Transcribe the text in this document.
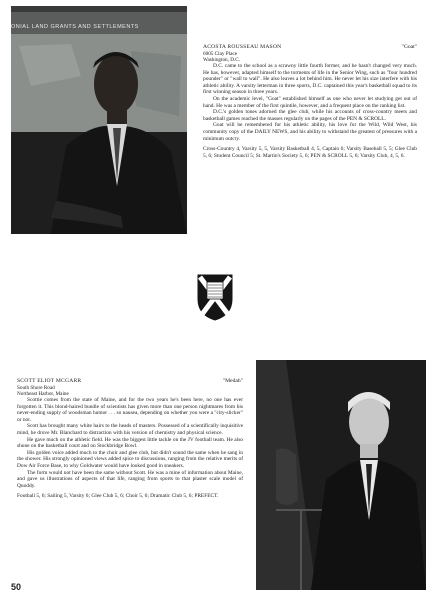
ONIAL LAND GRANTS AND SETTLEMENTS
ACOSTA ROUSSEAU MASON	"Goat"
6005 Clay Place
Washington, D.C.

D.C. came to the school as a scrawny little fourth former, and he hasn't changed very much. He has, however, adapted himself to the torments of life in the Senior Wing, such as "four hundred pounder" or "wall to wall". He also leaves a lot behind him. He never let his size interfere with his athletic ability. A varsity letterman in three sports, D.C. captained this year's basketball squad to its first winning season in three years.

On the academic level, "Goat" established himself as one who never let studying get out of hand. He was a member of the first quintile, however, and a frequent place on the ranking list.

D.C.'s golden tones adorned the glee club, while his accounts of cross-country meets and basketball games reached the masses regularly on the pages of the PEN & SCROLL.

Goat will be remembered for his athletic ability, his love for the Wild, Wild West, his community copy of the DAILY NEWS, and his ability to withstand the greatest of pressures with a minimum outcry.

Cross-Country 4, Varsity 5, 5, Varsity Basketball 4, 5, Captain 6; Varsity Baseball 5, 5; Glee Club 5, 6; Student Council 5; St. Martin's Society 5, 6; PEN & SCROLL 5, 6; Varsity Club, 4, 5, 6.

SCOTT ELIOT MCGARR	"Medah"
South Shore Road
Northeast Harbor, Maine

Scottie comes from the state of Maine, and for the two years he's been here, no one has ever forgotten it. This blond-haired bundle of scientists has given more than one person nightmares from his never-ending supply of woodsman humor . . . so nausea, depending on whether you were a "city-slicker" or not.

Scott has brought many white hairs to the heads of masters. Possessed of a scientifically inquisitive mind, he drove Mr. Blanchard to distraction with his version of chemistry and physical science.

He gave much on the athletic field. He was the biggest little tackle on the JV football team. He also shone on the basketball court and on Stockbridge Bowl.

His golden voice added much to the choir and glee club, but didn't sound the same when he sang in the shower. His strongly opinioned views added spice to discussions, ranging from the relative merits of Dow Air Force Base, to why Goldwater would have looked good in sneakers.

The form would not have been the same without Scott. He was a mine of information about Maine, and gave us illustrations of aspects of that life, ranging from sports to that plaster scale model of Quoddy.

Football 5, 6; Sailing 5, Varsity 6; Glee Club 5, 6; Choir 5, 6; Dramatic Club 5, 6; PREFECT.

50
